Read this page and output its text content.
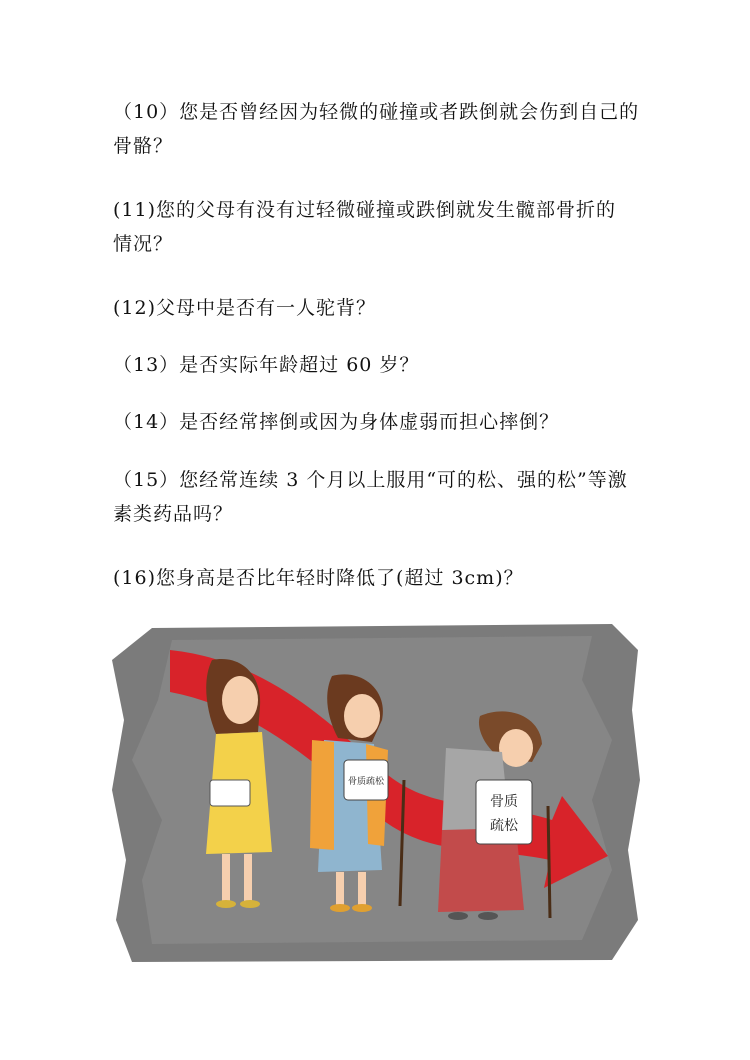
（10）您是否曾经因为轻微的碰撞或者跌倒就会伤到自己的
骨骼？

(11)您的父母有没有过轻微碰撞或跌倒就发生髋部骨折的
情况？

(12)父母中是否有一人驼背？

（13）是否实际年龄超过 60 岁？

（14）是否经常摔倒或因为身体虚弱而担心摔倒？

（15）您经常连续 3 个月以上服用“可的松、强的松”等激
素类药品吗？

(16)您身高是否比年轻时降低了(超过 3cm)？

骨质疏松
骨质
疏松
